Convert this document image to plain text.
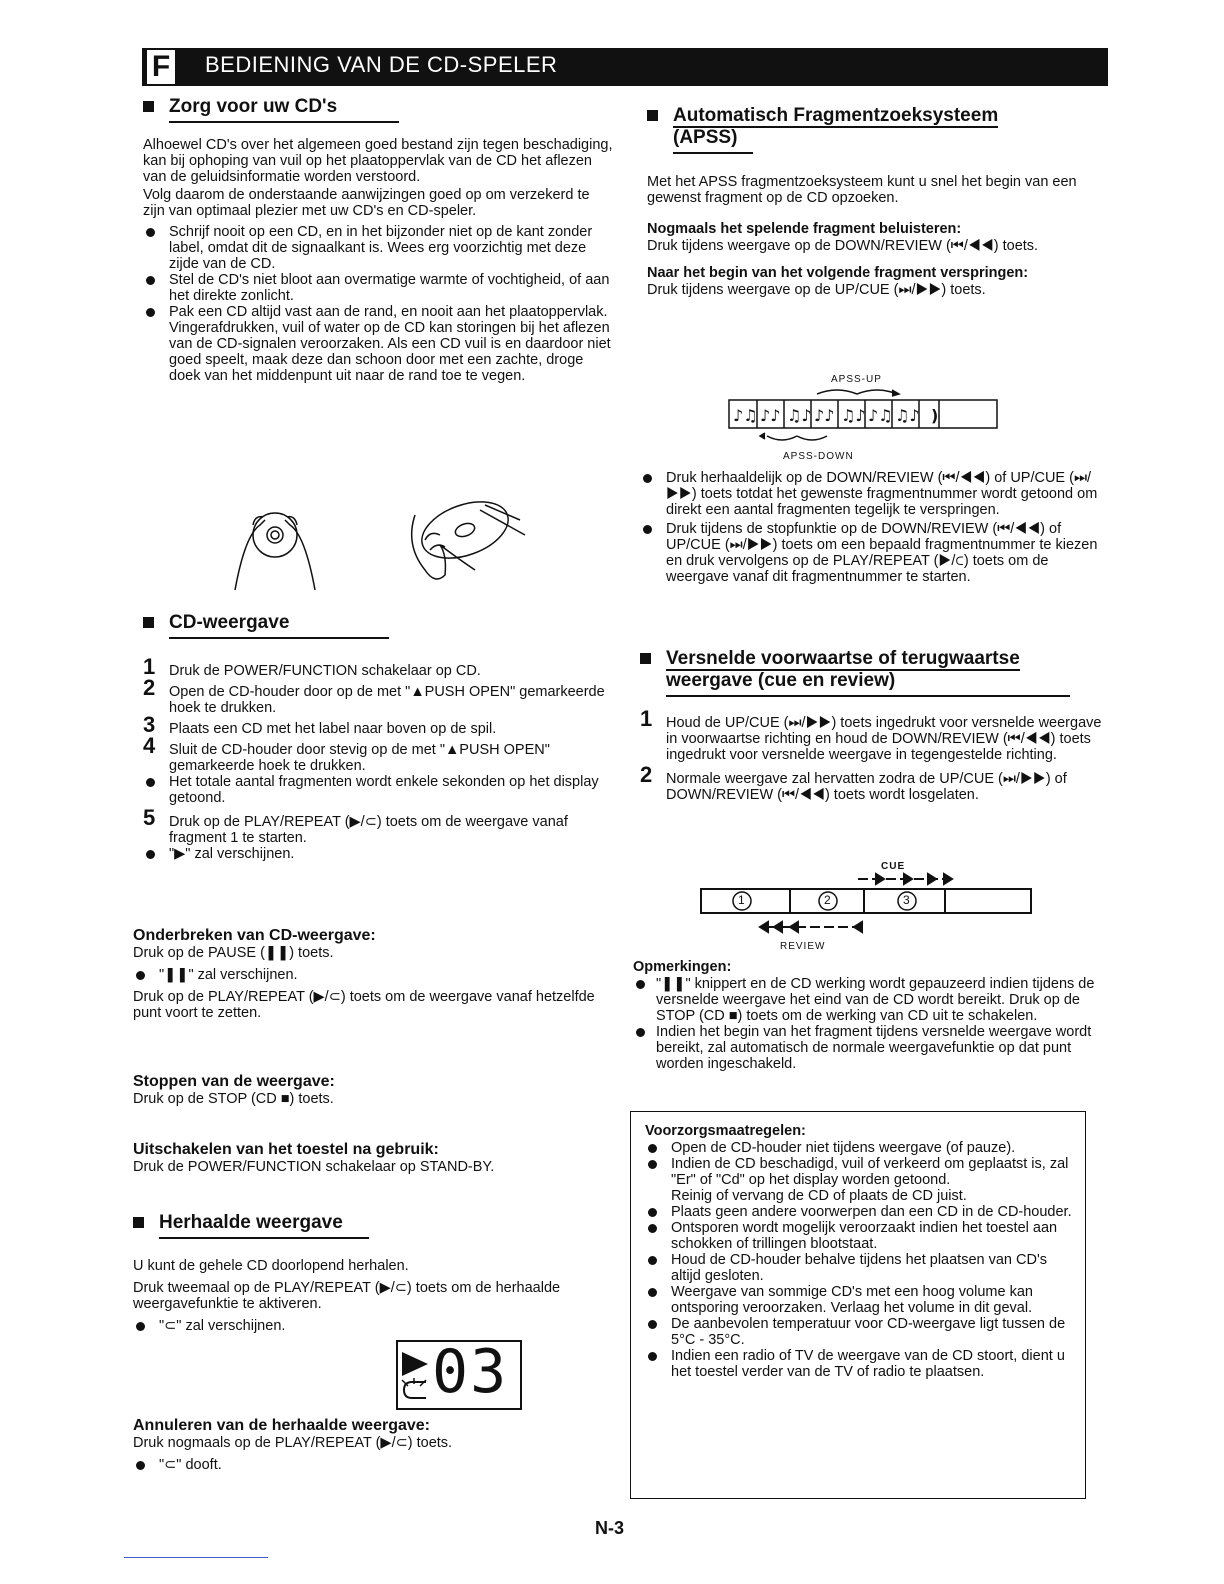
F BEDIENING VAN DE CD-SPELER
Zorg voor uw CD's

Alhoewel CD's over het algemeen goed bestand zijn tegen beschadiging, kan bij ophoping van vuil op het plaatoppervlak van de CD het aflezen van de geluidsinformatie worden verstoord.

Volg daarom de onderstaande aanwijzingen goed op om verzekerd te zijn van optimaal plezier met uw CD's en CD-speler.

Schrijf nooit op een CD, en in het bijzonder niet op de kant zonder label, omdat dit de signaalkant is. Wees erg voorzichtig met deze zijde van de CD.
Stel de CD's niet bloot aan overmatige warmte of vochtigheid, of aan het direkte zonlicht.
Pak een CD altijd vast aan de rand, en nooit aan het plaatoppervlak. Vingerafdrukken, vuil of water op de CD kan storingen bij het aflezen van de CD-signalen veroorzaken. Als een CD vuil is en daardoor niet goed speelt, maak deze dan schoon door met een zachte, droge doek van het middenpunt uit naar de rand toe te vegen.
CD-weergave
1 Druk de POWER/FUNCTION schakelaar op CD.
2 Open de CD-houder door op de met "▲PUSH OPEN" gemarkeerde hoek te drukken.
3 Plaats een CD met het label naar boven op de spil.
4 Sluit de CD-houder door stevig op de met "▲PUSH OPEN" gemarkeerde hoek te drukken.
Het totale aantal fragmenten wordt enkele sekonden op het display getoond.
5 Druk op de PLAY/REPEAT (▶/⊂) toets om de weergave vanaf fragment 1 te starten.
"▶" zal verschijnen.
Onderbreken van CD-weergave:

Druk op de PAUSE (❚❚) toets.

"❚❚" zal verschijnen.

Druk op de PLAY/REPEAT (▶/⊂) toets om de weergave vanaf hetzelfde punt voort te zetten.

Stoppen van de weergave:

Druk op de STOP (CD ■) toets.

Uitschakelen van het toestel na gebruik:

Druk de POWER/FUNCTION schakelaar op STAND-BY.

Herhaalde weergave

U kunt de gehele CD doorlopend herhalen.

Druk tweemaal op de PLAY/REPEAT (▶/⊂) toets om de herhaalde weergavefunktie te aktiveren.

"⊂" zal verschijnen.
03
Annuleren van de herhaalde weergave:

Druk nogmaals op de PLAY/REPEAT (▶/⊂) toets.

"⊂" dooft.
Automatisch Fragmentzoeksysteem
(APSS)

Met het APSS fragmentzoeksysteem kunt u snel het begin van een gewenst fragment op de CD opzoeken.

Nogmaals het spelende fragment beluisteren:

Druk tijdens weergave op de DOWN/REVIEW (⏮/◀◀) toets.

Naar het begin van het volgende fragment verspringen:

Druk tijdens weergave op de UP/CUE (⏭/▶▶) toets.

APSS-UP
♪♫ ♪♪ ♫♪ ♪♪ ♫♪ ♪♫ ♫♪ )
APSS-DOWN
Druk herhaaldelijk op de DOWN/REVIEW (⏮/◀◀) of UP/CUE (⏭/▶▶) toets totdat het gewenste fragmentnummer wordt getoond om direkt een aantal fragmenten tegelijk te verspringen.
Druk tijdens de stopfunktie op de DOWN/REVIEW (⏮/◀◀) of UP/CUE (⏭/▶▶) toets om een bepaald fragmentnummer te kiezen en druk vervolgens op de PLAY/REPEAT (▶/⊂) toets om de weergave vanaf dit fragmentnummer te starten.
Versnelde voorwaartse of terugwaartse
weergave (cue en review)
1 Houd de UP/CUE (⏭/▶▶) toets ingedrukt voor versnelde weergave in voorwaartse richting en houd de DOWN/REVIEW (⏮/◀◀) toets ingedrukt voor versnelde weergave in tegengestelde richting.
2 Normale weergave zal hervatten zodra de UP/CUE (⏭/▶▶) of DOWN/REVIEW (⏮/◀◀) toets wordt losgelaten.
CUE
1	2	3
REVIEW
Opmerkingen:
"❚❚" knippert en de CD werking wordt gepauzeerd indien tijdens de versnelde weergave het eind van de CD wordt bereikt. Druk op de STOP (CD ■) toets om de werking van CD uit te schakelen.
Indien het begin van het fragment tijdens versnelde weergave wordt bereikt, zal automatisch de normale weergavefunktie op dat punt worden ingeschakeld.
Voorzorgsmaatregelen:
Open de CD-houder niet tijdens weergave (of pauze).
Indien de CD beschadigd, vuil of verkeerd om geplaatst is, zal "Er" of "Cd" op het display worden getoond.
Reinig of vervang de CD of plaats de CD juist.
Plaats geen andere voorwerpen dan een CD in de CD-houder.
Ontsporen wordt mogelijk veroorzaakt indien het toestel aan schokken of trillingen blootstaat.
Houd de CD-houder behalve tijdens het plaatsen van CD's altijd gesloten.
Weergave van sommige CD's met een hoog volume kan ontsporing veroorzaken. Verlaag het volume in dit geval.
De aanbevolen temperatuur voor CD-weergave ligt tussen de 5°C - 35°C.
Indien een radio of TV de weergave van de CD stoort, dient u het toestel verder van de TV of radio te plaatsen.
N-3
